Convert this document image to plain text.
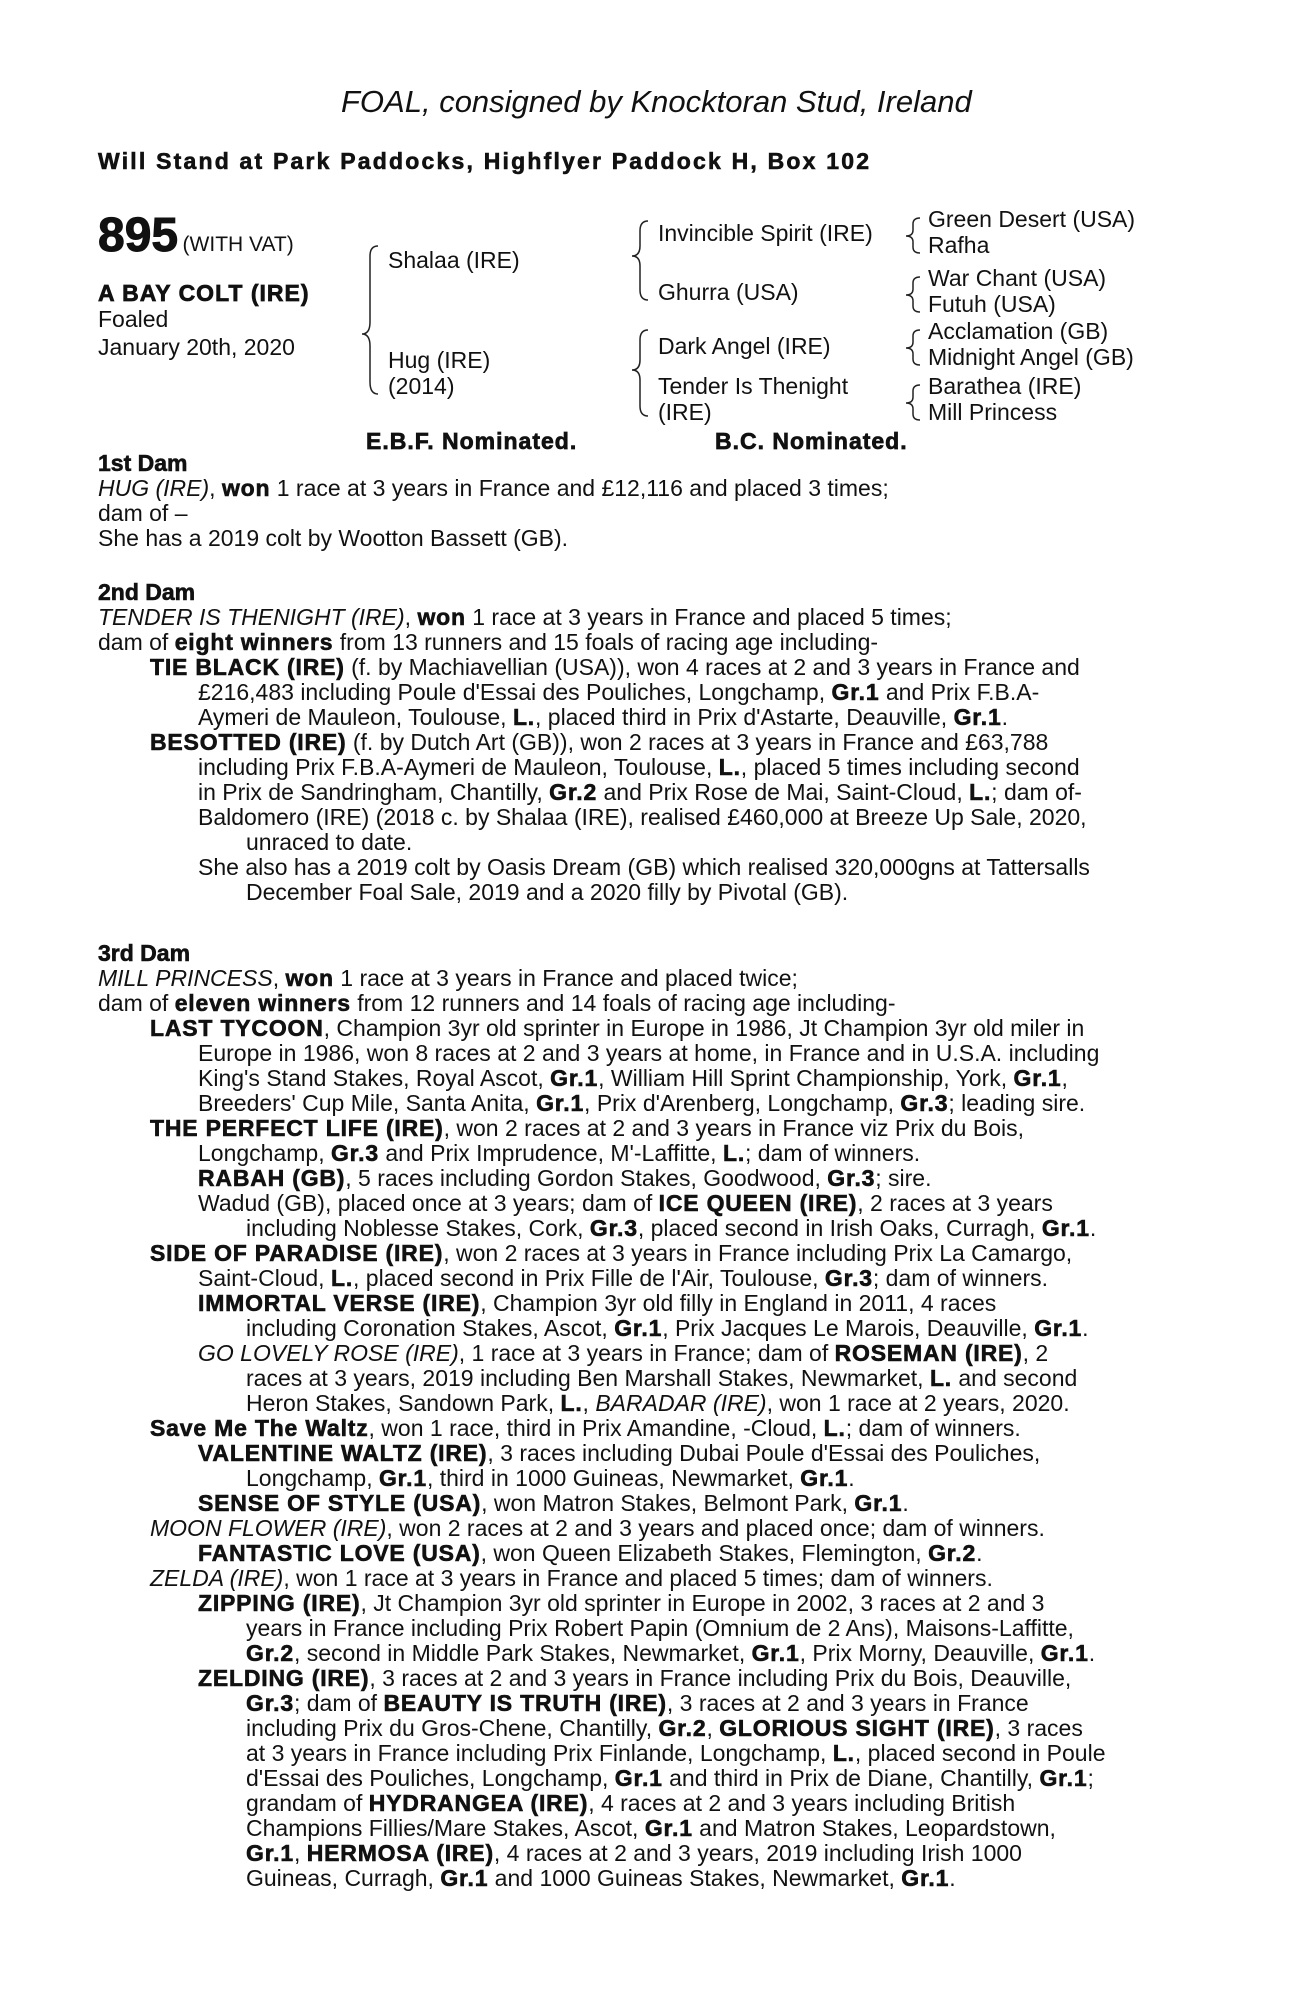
FOAL, consigned by Knocktoran Stud, Ireland
Will Stand at Park Paddocks, Highflyer Paddock H, Box 102
895 (WITH VAT)
A BAY COLT (IRE)
Foaled
January 20th, 2020
Shalaa (IRE)
Hug (IRE)
(2014)
Invincible Spirit (IRE)
Ghurra (USA)
Dark Angel (IRE)
Tender Is Thenight
(IRE)
Green Desert (USA)
Rafha
War Chant (USA)
Futuh (USA)
Acclamation (GB)
Midnight Angel (GB)
Barathea (IRE)
Mill Princess
E.B.F. Nominated.	B.C. Nominated.
1st Dam
HUG (IRE), won 1 race at 3 years in France and £12,116 and placed 3 times;
dam of –
She has a 2019 colt by Wootton Bassett (GB).
2nd Dam
TENDER IS THENIGHT (IRE), won 1 race at 3 years in France and placed 5 times;
dam of eight winners from 13 runners and 15 foals of racing age including-
TIE BLACK (IRE) (f. by Machiavellian (USA)), won 4 races at 2 and 3 years in France and
£216,483 including Poule d'Essai des Pouliches, Longchamp, Gr.1 and Prix F.B.A-
Aymeri de Mauleon, Toulouse, L., placed third in Prix d'Astarte, Deauville, Gr.1.
BESOTTED (IRE) (f. by Dutch Art (GB)), won 2 races at 3 years in France and £63,788
including Prix F.B.A-Aymeri de Mauleon, Toulouse, L., placed 5 times including second
in Prix de Sandringham, Chantilly, Gr.2 and Prix Rose de Mai, Saint-Cloud, L.; dam of-
Baldomero (IRE) (2018 c. by Shalaa (IRE), realised £460,000 at Breeze Up Sale, 2020,
unraced to date.
She also has a 2019 colt by Oasis Dream (GB) which realised 320,000gns at Tattersalls
December Foal Sale, 2019 and a 2020 filly by Pivotal (GB).
3rd Dam
MILL PRINCESS, won 1 race at 3 years in France and placed twice;
dam of eleven winners from 12 runners and 14 foals of racing age including-
LAST TYCOON, Champion 3yr old sprinter in Europe in 1986, Jt Champion 3yr old miler in
Europe in 1986, won 8 races at 2 and 3 years at home, in France and in U.S.A. including
King's Stand Stakes, Royal Ascot, Gr.1, William Hill Sprint Championship, York, Gr.1,
Breeders' Cup Mile, Santa Anita, Gr.1, Prix d'Arenberg, Longchamp, Gr.3; leading sire.
THE PERFECT LIFE (IRE), won 2 races at 2 and 3 years in France viz Prix du Bois,
Longchamp, Gr.3 and Prix Imprudence, M'-Laffitte, L.; dam of winners.
RABAH (GB), 5 races including Gordon Stakes, Goodwood, Gr.3; sire.
Wadud (GB), placed once at 3 years; dam of ICE QUEEN (IRE), 2 races at 3 years
including Noblesse Stakes, Cork, Gr.3, placed second in Irish Oaks, Curragh, Gr.1.
SIDE OF PARADISE (IRE), won 2 races at 3 years in France including Prix La Camargo,
Saint-Cloud, L., placed second in Prix Fille de l'Air, Toulouse, Gr.3; dam of winners.
IMMORTAL VERSE (IRE), Champion 3yr old filly in England in 2011, 4 races
including Coronation Stakes, Ascot, Gr.1, Prix Jacques Le Marois, Deauville, Gr.1.
GO LOVELY ROSE (IRE), 1 race at 3 years in France; dam of ROSEMAN (IRE), 2
races at 3 years, 2019 including Ben Marshall Stakes, Newmarket, L. and second
Heron Stakes, Sandown Park, L., BARADAR (IRE), won 1 race at 2 years, 2020.
Save Me The Waltz, won 1 race, third in Prix Amandine, -Cloud, L.; dam of winners.
VALENTINE WALTZ (IRE), 3 races including Dubai Poule d'Essai des Pouliches,
Longchamp, Gr.1, third in 1000 Guineas, Newmarket, Gr.1.
SENSE OF STYLE (USA), won Matron Stakes, Belmont Park, Gr.1.
MOON FLOWER (IRE), won 2 races at 2 and 3 years and placed once; dam of winners.
FANTASTIC LOVE (USA), won Queen Elizabeth Stakes, Flemington, Gr.2.
ZELDA (IRE), won 1 race at 3 years in France and placed 5 times; dam of winners.
ZIPPING (IRE), Jt Champion 3yr old sprinter in Europe in 2002, 3 races at 2 and 3
years in France including Prix Robert Papin (Omnium de 2 Ans), Maisons-Laffitte,
Gr.2, second in Middle Park Stakes, Newmarket, Gr.1, Prix Morny, Deauville, Gr.1.
ZELDING (IRE), 3 races at 2 and 3 years in France including Prix du Bois, Deauville,
Gr.3; dam of BEAUTY IS TRUTH (IRE), 3 races at 2 and 3 years in France
including Prix du Gros-Chene, Chantilly, Gr.2, GLORIOUS SIGHT (IRE), 3 races
at 3 years in France including Prix Finlande, Longchamp, L., placed second in Poule
d'Essai des Pouliches, Longchamp, Gr.1 and third in Prix de Diane, Chantilly, Gr.1;
grandam of HYDRANGEA (IRE), 4 races at 2 and 3 years including British
Champions Fillies/Mare Stakes, Ascot, Gr.1 and Matron Stakes, Leopardstown,
Gr.1, HERMOSA (IRE), 4 races at 2 and 3 years, 2019 including Irish 1000
Guineas, Curragh, Gr.1 and 1000 Guineas Stakes, Newmarket, Gr.1.
